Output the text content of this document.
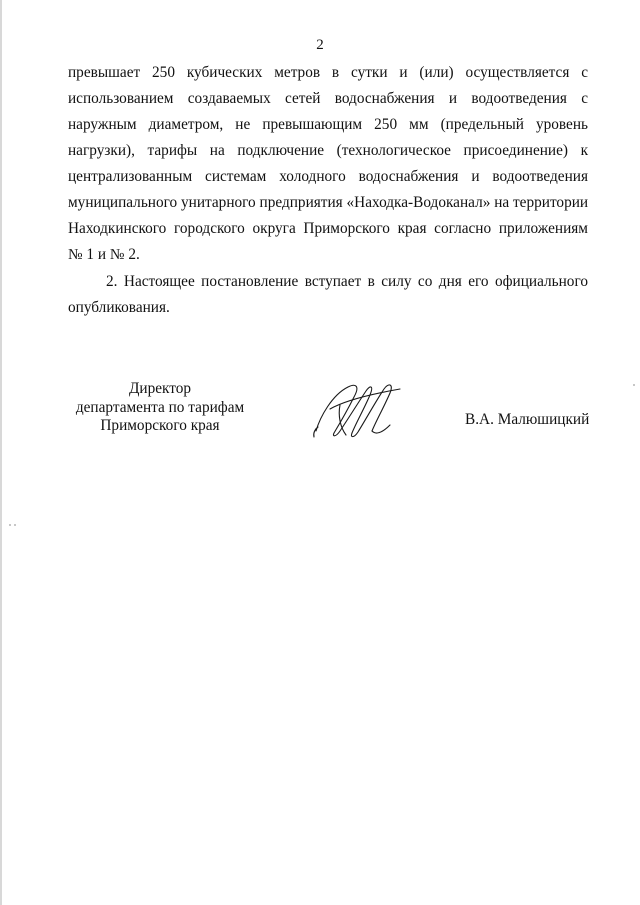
2
превышает 250 кубических метров в сутки и (или) осуществляется с
использованием создаваемых сетей водоснабжения и водоотведения с
наружным диаметром, не превышающим 250 мм (предельный уровень
нагрузки), тарифы на подключение (технологическое присоединение) к
централизованным системам холодного водоснабжения и водоотведения
муниципального унитарного предприятия «Находка-Водоканал» на территории
Находкинского городского округа Приморского края согласно приложениям
№ 1 и № 2.
2. Настоящее постановление вступает в силу со дня его официального
опубликования.
Директор
департамента по тарифам
Приморского края	В.А. Малюшицкий
